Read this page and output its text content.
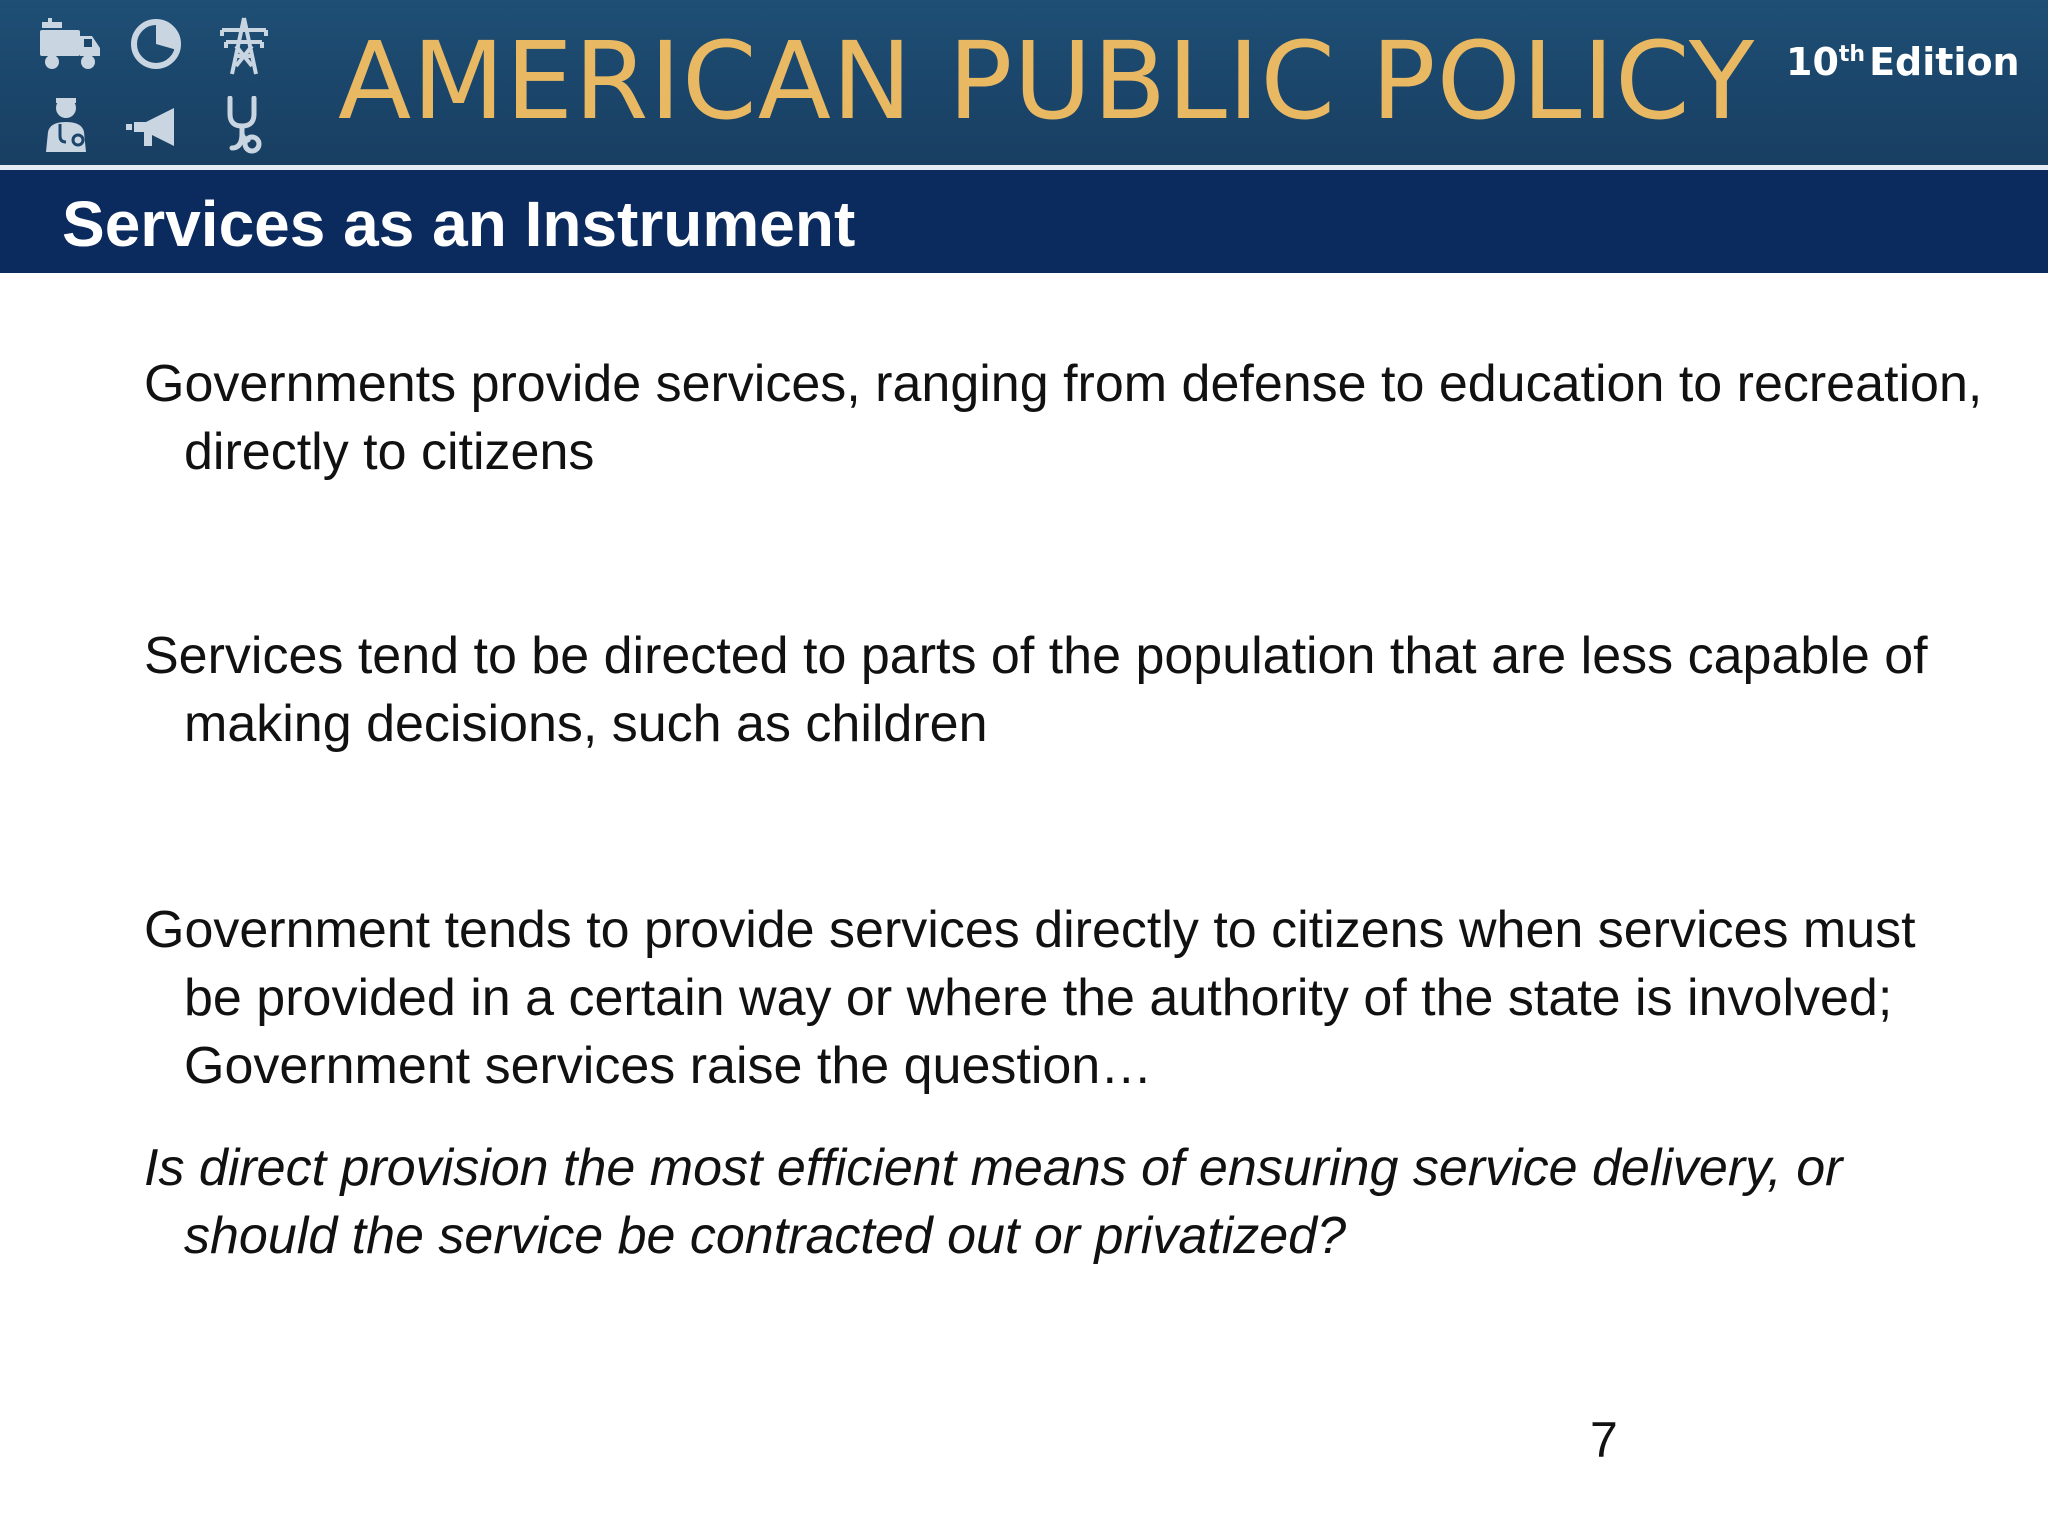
AMERICAN PUBLIC POLICY 10th Edition
Services as an Instrument
Governments provide services, ranging from defense to education to recreation, directly to citizens
Services tend to be directed to parts of the population that are less capable of making decisions, such as children
Government tends to provide services directly to citizens when services must be provided in a certain way or where the authority of the state is involved; Government services raise the question…
Is direct provision the most efficient means of ensuring service delivery, or should the service be contracted out or privatized?
7
